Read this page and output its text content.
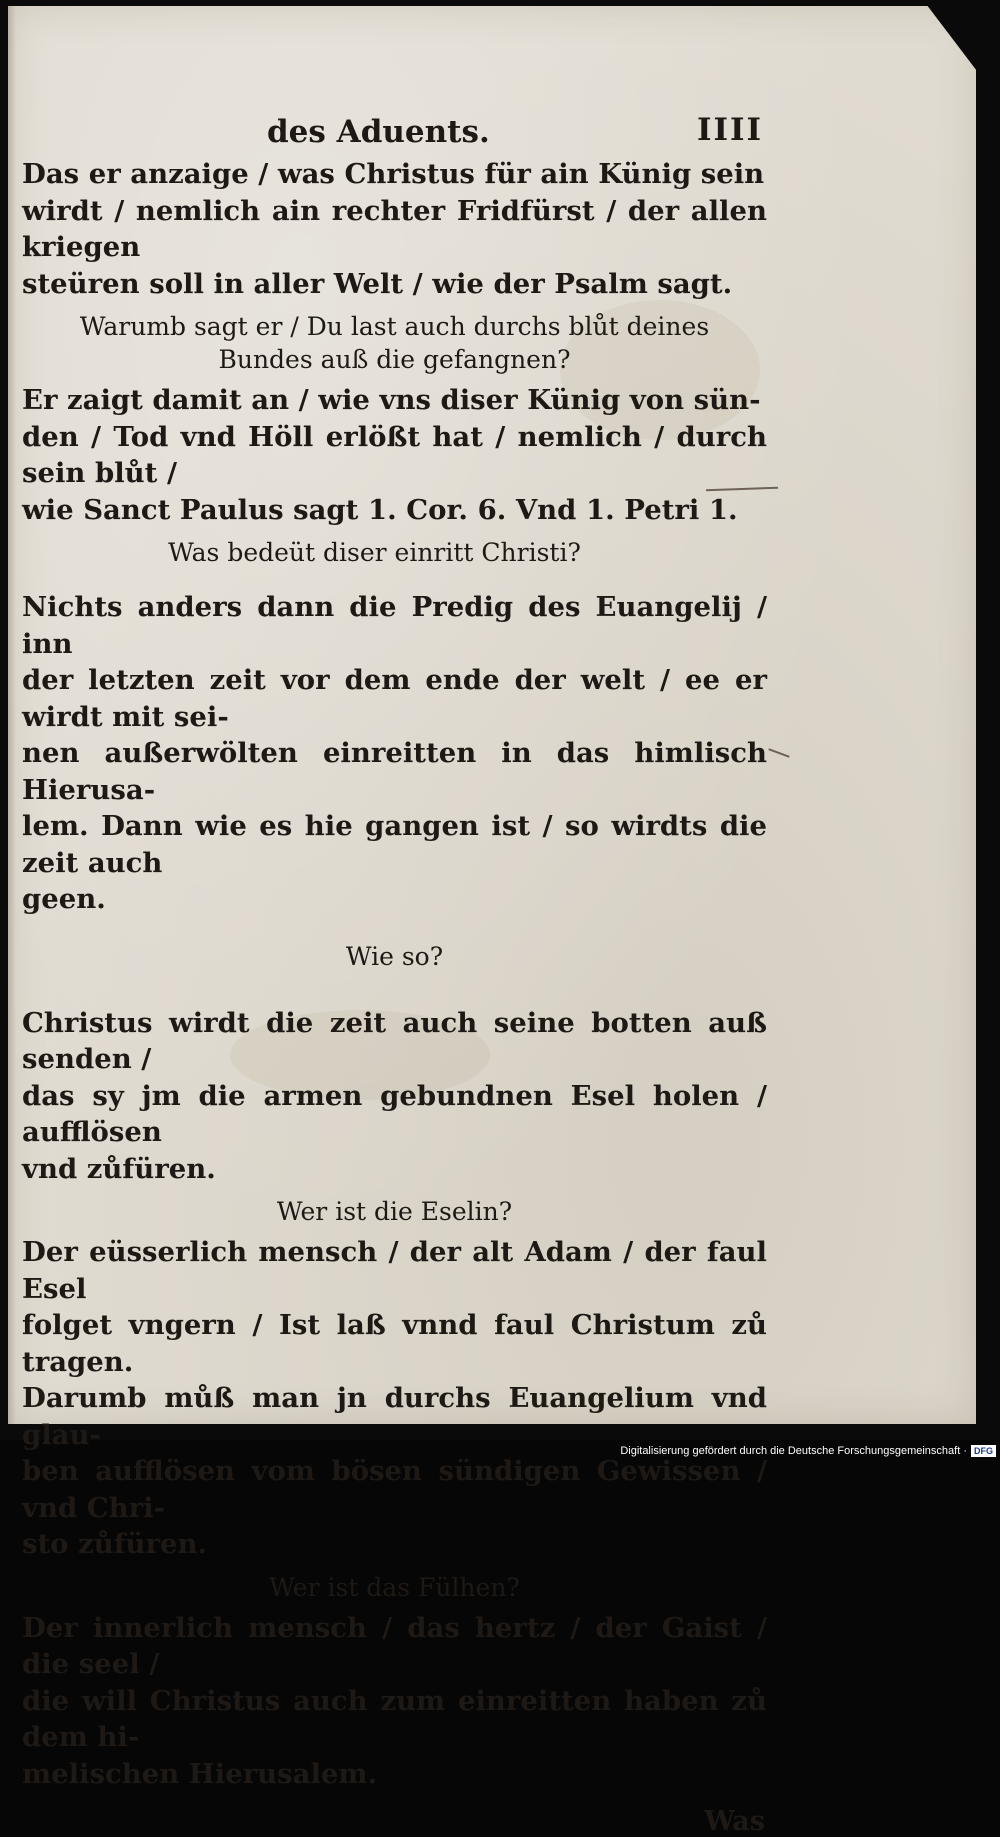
des Aduents.	IIII
Das er anzaige / was Christus für ain Künig sein
wirdt / nemlich ain rechter Fridfürst / der allen kriegen
steüren soll in aller Welt / wie der Psalm sagt.
Warumb sagt er / Du last auch durchs blůt deines
Bundes auß die gefangnen?
Er zaigt damit an / wie vns diser Künig von sün-
den / Tod vnd Höll erlößt hat / nemlich / durch sein blůt /
wie Sanct Paulus sagt 1. Cor. 6. Vnd 1. Petri 1.
Was bedeüt diser einritt Christi?
Nichts anders dann die Predig des Euangelij / inn
der letzten zeit vor dem ende der welt / ee er wirdt mit sei-
nen außerwölten einreitten in das himlisch Hierusa-
lem. Dann wie es hie gangen ist / so wirdts die zeit auch
geen.
Wie so?
Christus wirdt die zeit auch seine botten auß senden /
das sy jm die armen gebundnen Esel holen / aufflösen
vnd zůfüren.
Wer ist die Eselin?
Der eüsserlich mensch / der alt Adam / der faul Esel
folget vngern / Ist laß vnnd faul Christum zů tragen.
Darumb můß man jn durchs Euangelium vnd glau-
ben aufflösen vom bösen sündigen Gewissen / vnd Chri-
sto zůfüren.
Wer ist das Fülhen?
Der innerlich mensch / das hertz / der Gaist / die seel /
die will Christus auch zum einreitten haben zů dem hi-
melischen Hierusalem.
Was
Digitalisierung gefördert durch die Deutsche Forschungsgemeinschaft · DFG
